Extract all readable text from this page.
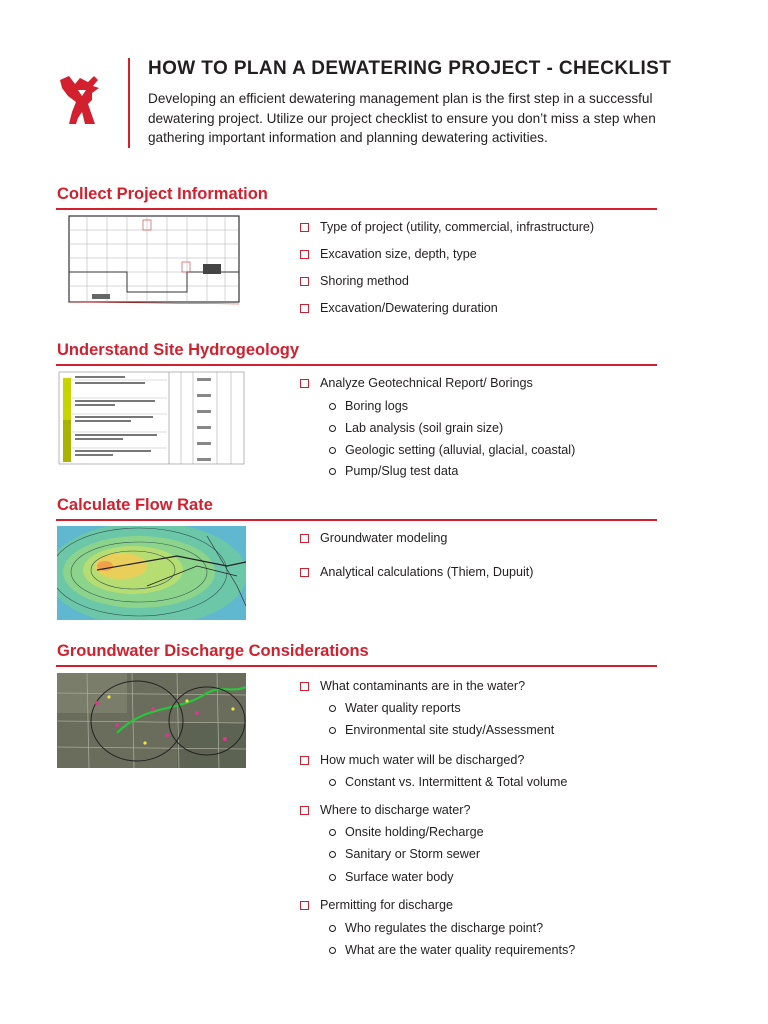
HOW TO PLAN A DEWATERING PROJECT - CHECKLIST
Developing an efficient dewatering management plan is the first step in a successful dewatering project. Utilize our project checklist to ensure you don’t miss a step when gathering important information and planning dewatering activities.
Collect Project Information
Type of project (utility, commercial, infrastructure)
Excavation size, depth, type
Shoring method
Excavation/Dewatering duration
Understand Site Hydrogeology
Analyze Geotechnical Report/ Borings
Boring logs
Lab analysis (soil grain size)
Geologic setting (alluvial, glacial, coastal)
Pump/Slug test data
Calculate Flow Rate
Groundwater modeling
Analytical calculations (Thiem, Dupuit)
Groundwater Discharge Considerations
What contaminants are in the water?
Water quality reports
Environmental site study/Assessment
How much water will be discharged?
Constant vs. Intermittent & Total volume
Where to discharge water?
Onsite holding/Recharge
Sanitary or Storm sewer
Surface water body
Permitting for discharge
Who regulates the discharge point?
What are the water quality requirements?
